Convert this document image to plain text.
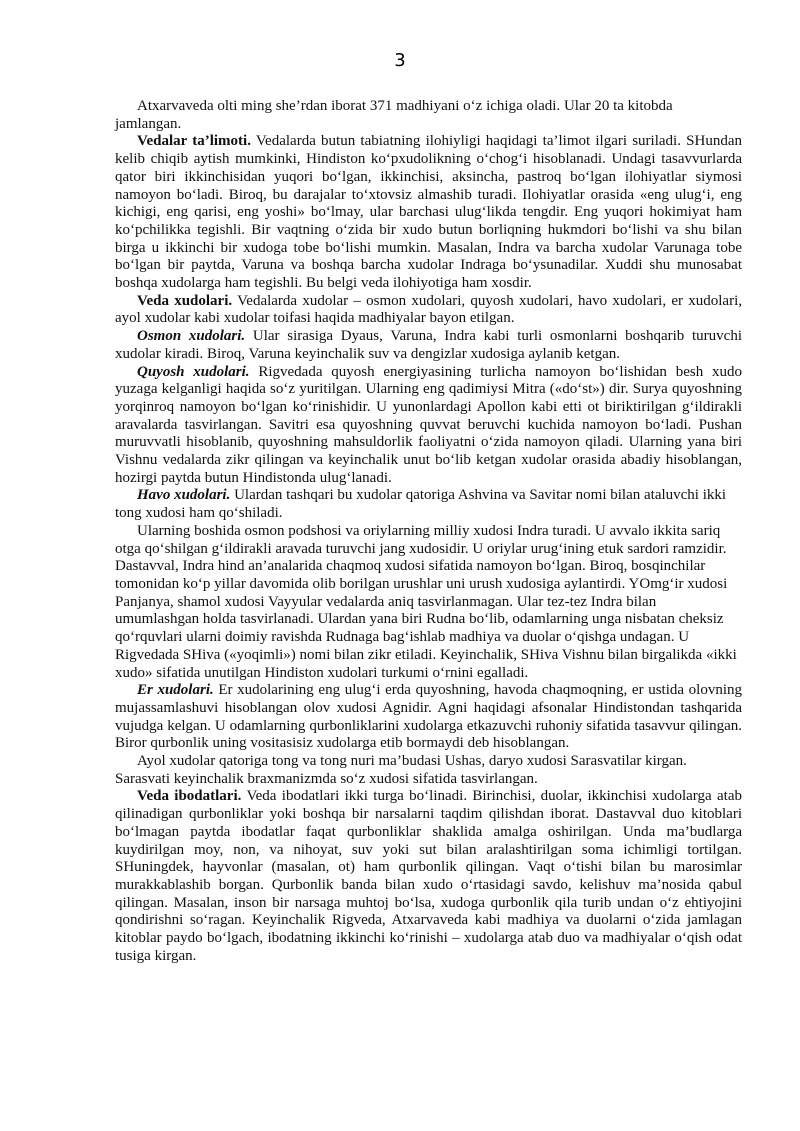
3

Atxarvaveda olti ming she’rdan iborat 371 madhiyani o‘z ichiga oladi. Ular 20 ta kitobda jamlangan.

Vedalar ta’limoti. Vedalarda butun tabiatning ilohiyligi haqidagi ta’limot ilgari suriladi. SHundan kelib chiqib aytish mumkinki, Hindiston ko‘pxudolikning o‘chog‘i hisoblanadi. Undagi tasavvurlarda qator biri ikkinchisidan yuqori bo‘lgan, ikkinchisi, aksincha, pastroq bo‘lgan ilohiyatlar siymosi namoyon bo‘ladi. Biroq, bu darajalar to‘xtovsiz almashib turadi. Ilohiyatlar orasida «eng ulug‘i, eng kichigi, eng qarisi, eng yoshi» bo‘lmay, ular barchasi ulug‘likda tengdir. Eng yuqori hokimiyat ham ko‘pchilikka tegishli. Bir vaqtning o‘zida bir xudo butun borliqning hukmdori bo‘lishi va shu bilan birga u ikkinchi bir xudoga tobe bo‘lishi mumkin. Masalan, Indra va barcha xudolar Varunaga tobe bo‘lgan bir paytda, Varuna va boshqa barcha xudolar Indraga bo‘ysunadilar. Xuddi shu munosabat boshqa xudolarga ham tegishli. Bu belgi veda ilohiyotiga ham xosdir.

Veda xudolari. Vedalarda xudolar – osmon xudolari, quyosh xudolari, havo xudolari, er xudolari, ayol xudolar kabi xudolar toifasi haqida madhiyalar bayon etilgan.

Osmon xudolari. Ular sirasiga Dyaus, Varuna, Indra kabi turli osmonlarni boshqarib turuvchi xudolar kiradi. Biroq, Varuna keyinchalik suv va dengizlar xudosiga aylanib ketgan.

Quyosh xudolari. Rigvedada quyosh energiyasining turlicha namoyon bo‘lishidan besh xudo yuzaga kelganligi haqida so‘z yuritilgan. Ularning eng qadimiysi Mitra («do‘st») dir. Surya quyoshning yorqinroq namoyon bo‘lgan ko‘rinishidir. U yunonlardagi Apollon kabi etti ot biriktirilgan g‘ildirakli aravalarda tasvirlangan. Savitri esa quyoshning quvvat beruvchi kuchida namoyon bo‘ladi. Pushan muruvvatli hisoblanib, quyoshning mahsuldorlik faoliyatni o‘zida namoyon qiladi. Ularning yana biri Vishnu vedalarda zikr qilingan va keyinchalik unut bo‘lib ketgan xudolar orasida abadiy hisoblangan, hozirgi paytda butun Hindistonda ulug‘lanadi.

Havo xudolari. Ulardan tashqari bu xudolar qatoriga Ashvina va Savitar nomi bilan ataluvchi ikki tong xudosi ham qo‘shiladi.

Ularning boshida osmon podshosi va oriylarning milliy xudosi Indra turadi. U avvalo ikkita sariq otga qo‘shilgan g‘ildirakli aravada turuvchi jang xudosidir. U oriylar urug‘ining etuk sardori ramzidir. Dastavval, Indra hind an’analarida chaqmoq xudosi sifatida namoyon bo‘lgan. Biroq, bosqinchilar tomonidan ko‘p yillar davomida olib borilgan urushlar uni urush xudosiga aylantirdi. YOmg‘ir xudosi Panjanya, shamol xudosi Vayyular vedalarda aniq tasvirlanmagan. Ular tez-tez Indra bilan umumlashgan holda tasvirlanadi. Ulardan yana biri Rudna bo‘lib, odamlarning unga nisbatan cheksiz qo‘rquvlari ularni doimiy ravishda Rudnaga bag‘ishlab madhiya va duolar o‘qishga undagan. U Rigvedada SHiva («yoqimli») nomi bilan zikr etiladi. Keyinchalik, SHiva Vishnu bilan birgalikda «ikki xudo» sifatida unutilgan Hindiston xudolari turkumi o‘rnini egalladi.

Er xudolari. Er xudolarining eng ulug‘i erda quyoshning, havoda chaqmoqning, er ustida olovning mujassamlashuvi hisoblangan olov xudosi Agnidir. Agni haqidagi afsonalar Hindistondan tashqarida vujudga kelgan. U odamlarning qurbonliklarini xudolarga etkazuvchi ruhoniy sifatida tasavvur qilingan. Biror qurbonlik uning vositasisiz xudolarga etib bormaydi deb hisoblangan.

Ayol xudolar qatoriga tong va tong nuri ma’budasi Ushas, daryo xudosi Sarasvatilar kirgan. Sarasvati keyinchalik braxmanizmda so‘z xudosi sifatida tasvirlangan.

Veda ibodatlari. Veda ibodatlari ikki turga bo‘linadi. Birinchisi, duolar, ikkinchisi xudolarga atab qilinadigan qurbonliklar yoki boshqa bir narsalarni taqdim qilishdan iborat. Dastavval duo kitoblari bo‘lmagan paytda ibodatlar faqat qurbonliklar shaklida amalga oshirilgan. Unda ma’budlarga kuydirilgan moy, non, va nihoyat, suv yoki sut bilan aralashtirilgan soma ichimligi tortilgan. SHuningdek, hayvonlar (masalan, ot) ham qurbonlik qilingan. Vaqt o‘tishi bilan bu marosimlar murakkablashib borgan. Qurbonlik banda bilan xudo o‘rtasidagi savdo, kelishuv ma’nosida qabul qilingan. Masalan, inson bir narsaga muhtoj bo‘lsa, xudoga qurbonlik qila turib undan o‘z ehtiyojini qondirishni so‘ragan. Keyinchalik Rigveda, Atxarvaveda kabi madhiya va duolarni o‘zida jamlagan kitoblar paydo bo‘lgach, ibodatning ikkinchi ko‘rinishi – xudolarga atab duo va madhiyalar o‘qish odat tusiga kirgan.
